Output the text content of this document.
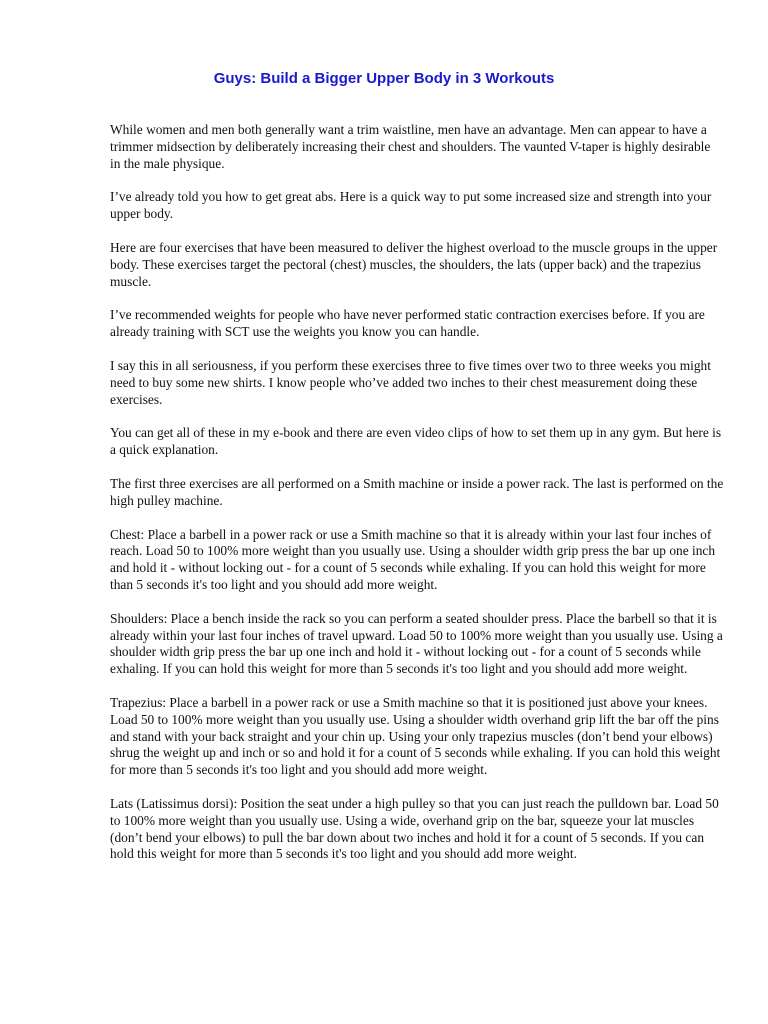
Guys: Build a Bigger Upper Body in 3 Workouts

While women and men both generally want a trim waistline, men have an advantage. Men can appear to have a trimmer midsection by deliberately increasing their chest and shoulders. The vaunted V-taper is highly desirable in the male physique.

I’ve already told you how to get great abs. Here is a quick way to put some increased size and strength into your upper body.

Here are four exercises that have been measured to deliver the highest overload to the muscle groups in the upper body. These exercises target the pectoral (chest) muscles, the shoulders, the lats (upper back) and the trapezius muscle.

I’ve recommended weights for people who have never performed static contraction exercises before. If you are already training with SCT use the weights you know you can handle.

I say this in all seriousness, if you perform these exercises three to five times over two to three weeks you might need to buy some new shirts. I know people who’ve added two inches to their chest measurement doing these exercises.

You can get all of these in my e-book and there are even video clips of how to set them up in any gym. But here is a quick explanation.

The first three exercises are all performed on a Smith machine or inside a power rack. The last is performed on the high pulley machine.

Chest: Place a barbell in a power rack or use a Smith machine so that it is already within your last four inches of reach. Load 50 to 100% more weight than you usually use. Using a shoulder width grip press the bar up one inch and hold it - without locking out - for a count of 5 seconds while exhaling. If you can hold this weight for more than 5 seconds it's too light and you should add more weight.

Shoulders: Place a bench inside the rack so you can perform a seated shoulder press. Place the barbell so that it is already within your last four inches of travel upward. Load 50 to 100% more weight than you usually use. Using a shoulder width grip press the bar up one inch and hold it - without locking out - for a count of 5 seconds while exhaling. If you can hold this weight for more than 5 seconds it's too light and you should add more weight.

Trapezius: Place a barbell in a power rack or use a Smith machine so that it is positioned just above your knees. Load 50 to 100% more weight than you usually use. Using a shoulder width overhand grip lift the bar off the pins and stand with your back straight and your chin up. Using your only trapezius muscles (don’t bend your elbows) shrug the weight up and inch or so and hold it for a count of 5 seconds while exhaling. If you can hold this weight for more than 5 seconds it's too light and you should add more weight.

Lats (Latissimus dorsi): Position the seat under a high pulley so that you can just reach the pulldown bar. Load 50 to 100% more weight than you usually use. Using a wide, overhand grip on the bar, squeeze your lat muscles (don’t bend your elbows) to pull the bar down about two inches and hold it for a count of 5 seconds. If you can hold this weight for more than 5 seconds it's too light and you should add more weight.
